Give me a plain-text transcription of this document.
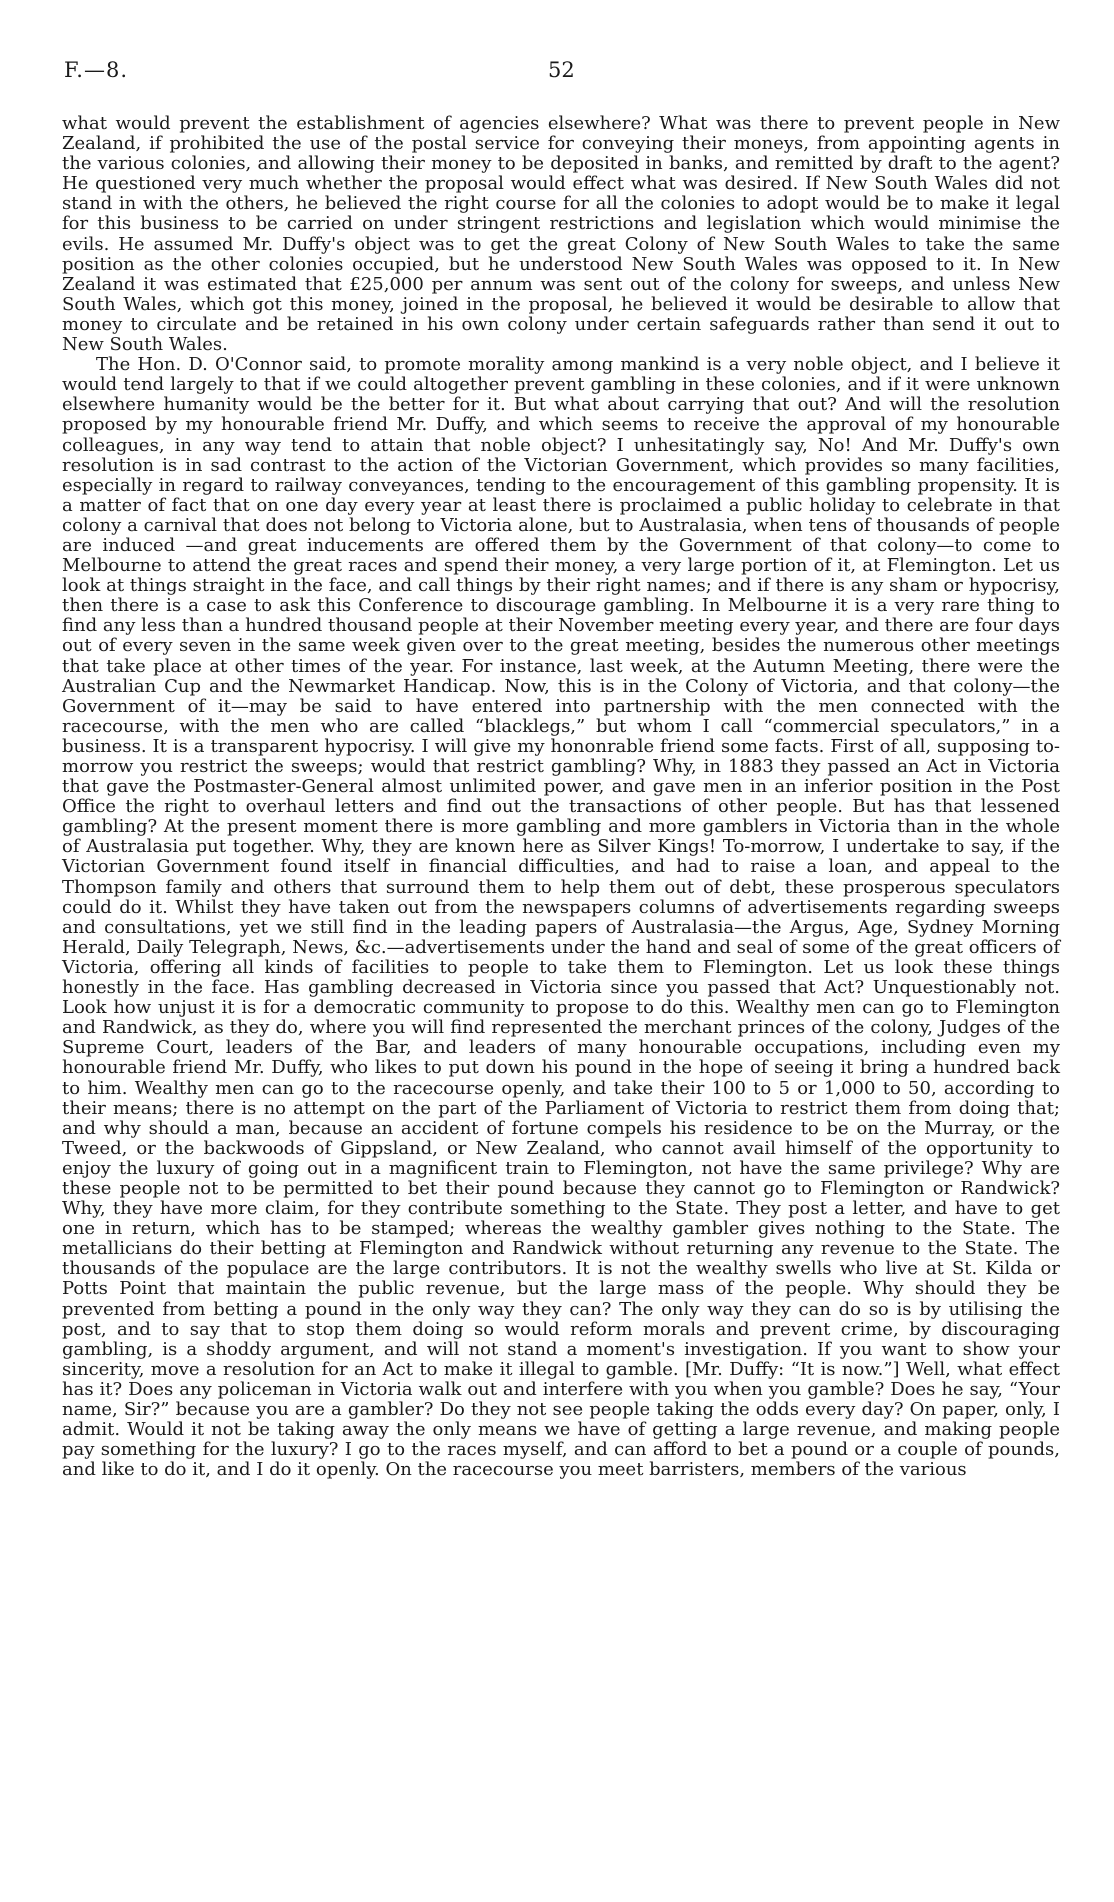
F.—8.	52

what would prevent the establishment of agencies elsewhere? What was there to prevent people in New Zealand, if prohibited the use of the postal service for conveying their moneys, from appointing agents in the various colonies, and allowing their money to be deposited in banks, and remitted by draft to the agent? He questioned very much whether the proposal would effect what was desired. If New South Wales did not stand in with the others, he believed the right course for all the colonies to adopt would be to make it legal for this business to be carried on under stringent restrictions and legislation which would minimise the evils. He assumed Mr. Duffy's object was to get the great Colony of New South Wales to take the same position as the other colonies occupied, but he understood New South Wales was opposed to it. In New Zealand it was estimated that £25,000 per annum was sent out of the colony for sweeps, and unless New South Wales, which got this money, joined in the proposal, he believed it would be desirable to allow that money to circulate and be retained in his own colony under certain safeguards rather than send it out to New South Wales.

The Hon. D. O'Connor said, to promote morality among mankind is a very noble object, and I believe it would tend largely to that if we could altogether prevent gambling in these colonies, and if it were unknown elsewhere humanity would be the better for it. But what about carrying that out? And will the resolution proposed by my honourable friend Mr. Duffy, and which seems to receive the approval of my honourable colleagues, in any way tend to attain that noble object? I unhesitatingly say, No! And Mr. Duffy's own resolution is in sad contrast to the action of the Victorian Government, which provides so many facilities, especially in regard to railway conveyances, tending to the encouragement of this gambling propensity. It is a matter of fact that on one day every year at least there is proclaimed a public holiday to celebrate in that colony a carnival that does not belong to Victoria alone, but to Australasia, when tens of thousands of people are induced —and great inducements are offered them by the Government of that colony—to come to Melbourne to attend the great races and spend their money, a very large portion of it, at Flemington. Let us look at things straight in the face, and call things by their right names; and if there is any sham or hypocrisy, then there is a case to ask this Conference to discourage gambling. In Melbourne it is a very rare thing to find any less than a hundred thousand people at their November meeting every year, and there are four days out of every seven in the same week given over to the great meeting, besides the numerous other meetings that take place at other times of the year. For instance, last week, at the Autumn Meeting, there were the Australian Cup and the Newmarket Handicap. Now, this is in the Colony of Victoria, and that colony—the Government of it—may be said to have entered into partnership with the men connected with the racecourse, with the men who are called “blacklegs,” but whom I call “commercial speculators,” in a business. It is a transparent hypocrisy. I will give my hononrable friend some facts. First of all, supposing to-morrow you restrict the sweeps; would that restrict gambling? Why, in 1883 they passed an Act in Victoria that gave the Postmaster-General almost unlimited power, and gave men in an inferior position in the Post Office the right to overhaul letters and find out the transactions of other people. But has that lessened gambling? At the present moment there is more gambling and more gamblers in Victoria than in the whole of Australasia put together. Why, they are known here as Silver Kings! To-morrow, I undertake to say, if the Victorian Government found itself in financial difficulties, and had to raise a loan, and appeal to the Thompson family and others that surround them to help them out of debt, these prosperous speculators could do it. Whilst they have taken out from the newspapers columns of advertisements regarding sweeps and consultations, yet we still find in the leading papers of Australasia—the Argus, Age, Sydney Morning Herald, Daily Telegraph, News, &c.—advertisements under the hand and seal of some of the great officers of Victoria, offering all kinds of facilities to people to take them to Flemington. Let us look these things honestly in the face. Has gambling decreased in Victoria since you passed that Act? Unquestionably not. Look how unjust it is for a democratic community to propose to do this. Wealthy men can go to Flemington and Randwick, as they do, where you will find represented the merchant princes of the colony, Judges of the Supreme Court, leaders of the Bar, and leaders of many honourable occupations, including even my honourable friend Mr. Duffy, who likes to put down his pound in the hope of seeing it bring a hundred back to him. Wealthy men can go to the racecourse openly, and take their 100 to 5 or 1,000 to 50, according to their means; there is no attempt on the part of the Parliament of Victoria to restrict them from doing that; and why should a man, because an accident of fortune compels his residence to be on the Murray, or the Tweed, or the backwoods of Gippsland, or New Zealand, who cannot avail himself of the opportunity to enjoy the luxury of going out in a magnificent train to Flemington, not have the same privilege? Why are these people not to be permitted to bet their pound because they cannot go to Flemington or Randwick? Why, they have more claim, for they contribute something to the State. They post a letter, and have to get one in return, which has to be stamped; whereas the wealthy gambler gives nothing to the State. The metallicians do their betting at Flemington and Randwick without returning any revenue to the State. The thousands of the populace are the large contributors. It is not the wealthy swells who live at St. Kilda or Potts Point that maintain the public revenue, but the large mass of the people. Why should they be prevented from betting a pound in the only way they can? The only way they can do so is by utilising the post, and to say that to stop them doing so would reform morals and prevent crime, by discouraging gambling, is a shoddy argument, and will not stand a moment's investigation. If you want to show your sincerity, move a resolution for an Act to make it illegal to gamble. [Mr. Duffy: “It is now.”] Well, what effect has it? Does any policeman in Victoria walk out and interfere with you when you gamble? Does he say, “Your name, Sir?” because you are a gambler? Do they not see people taking the odds every day? On paper, only, I admit. Would it not be taking away the only means we have of getting a large revenue, and making people pay something for the luxury? I go to the races myself, and can afford to bet a pound or a couple of pounds, and like to do it, and I do it openly. On the racecourse you meet barristers, members of the various
